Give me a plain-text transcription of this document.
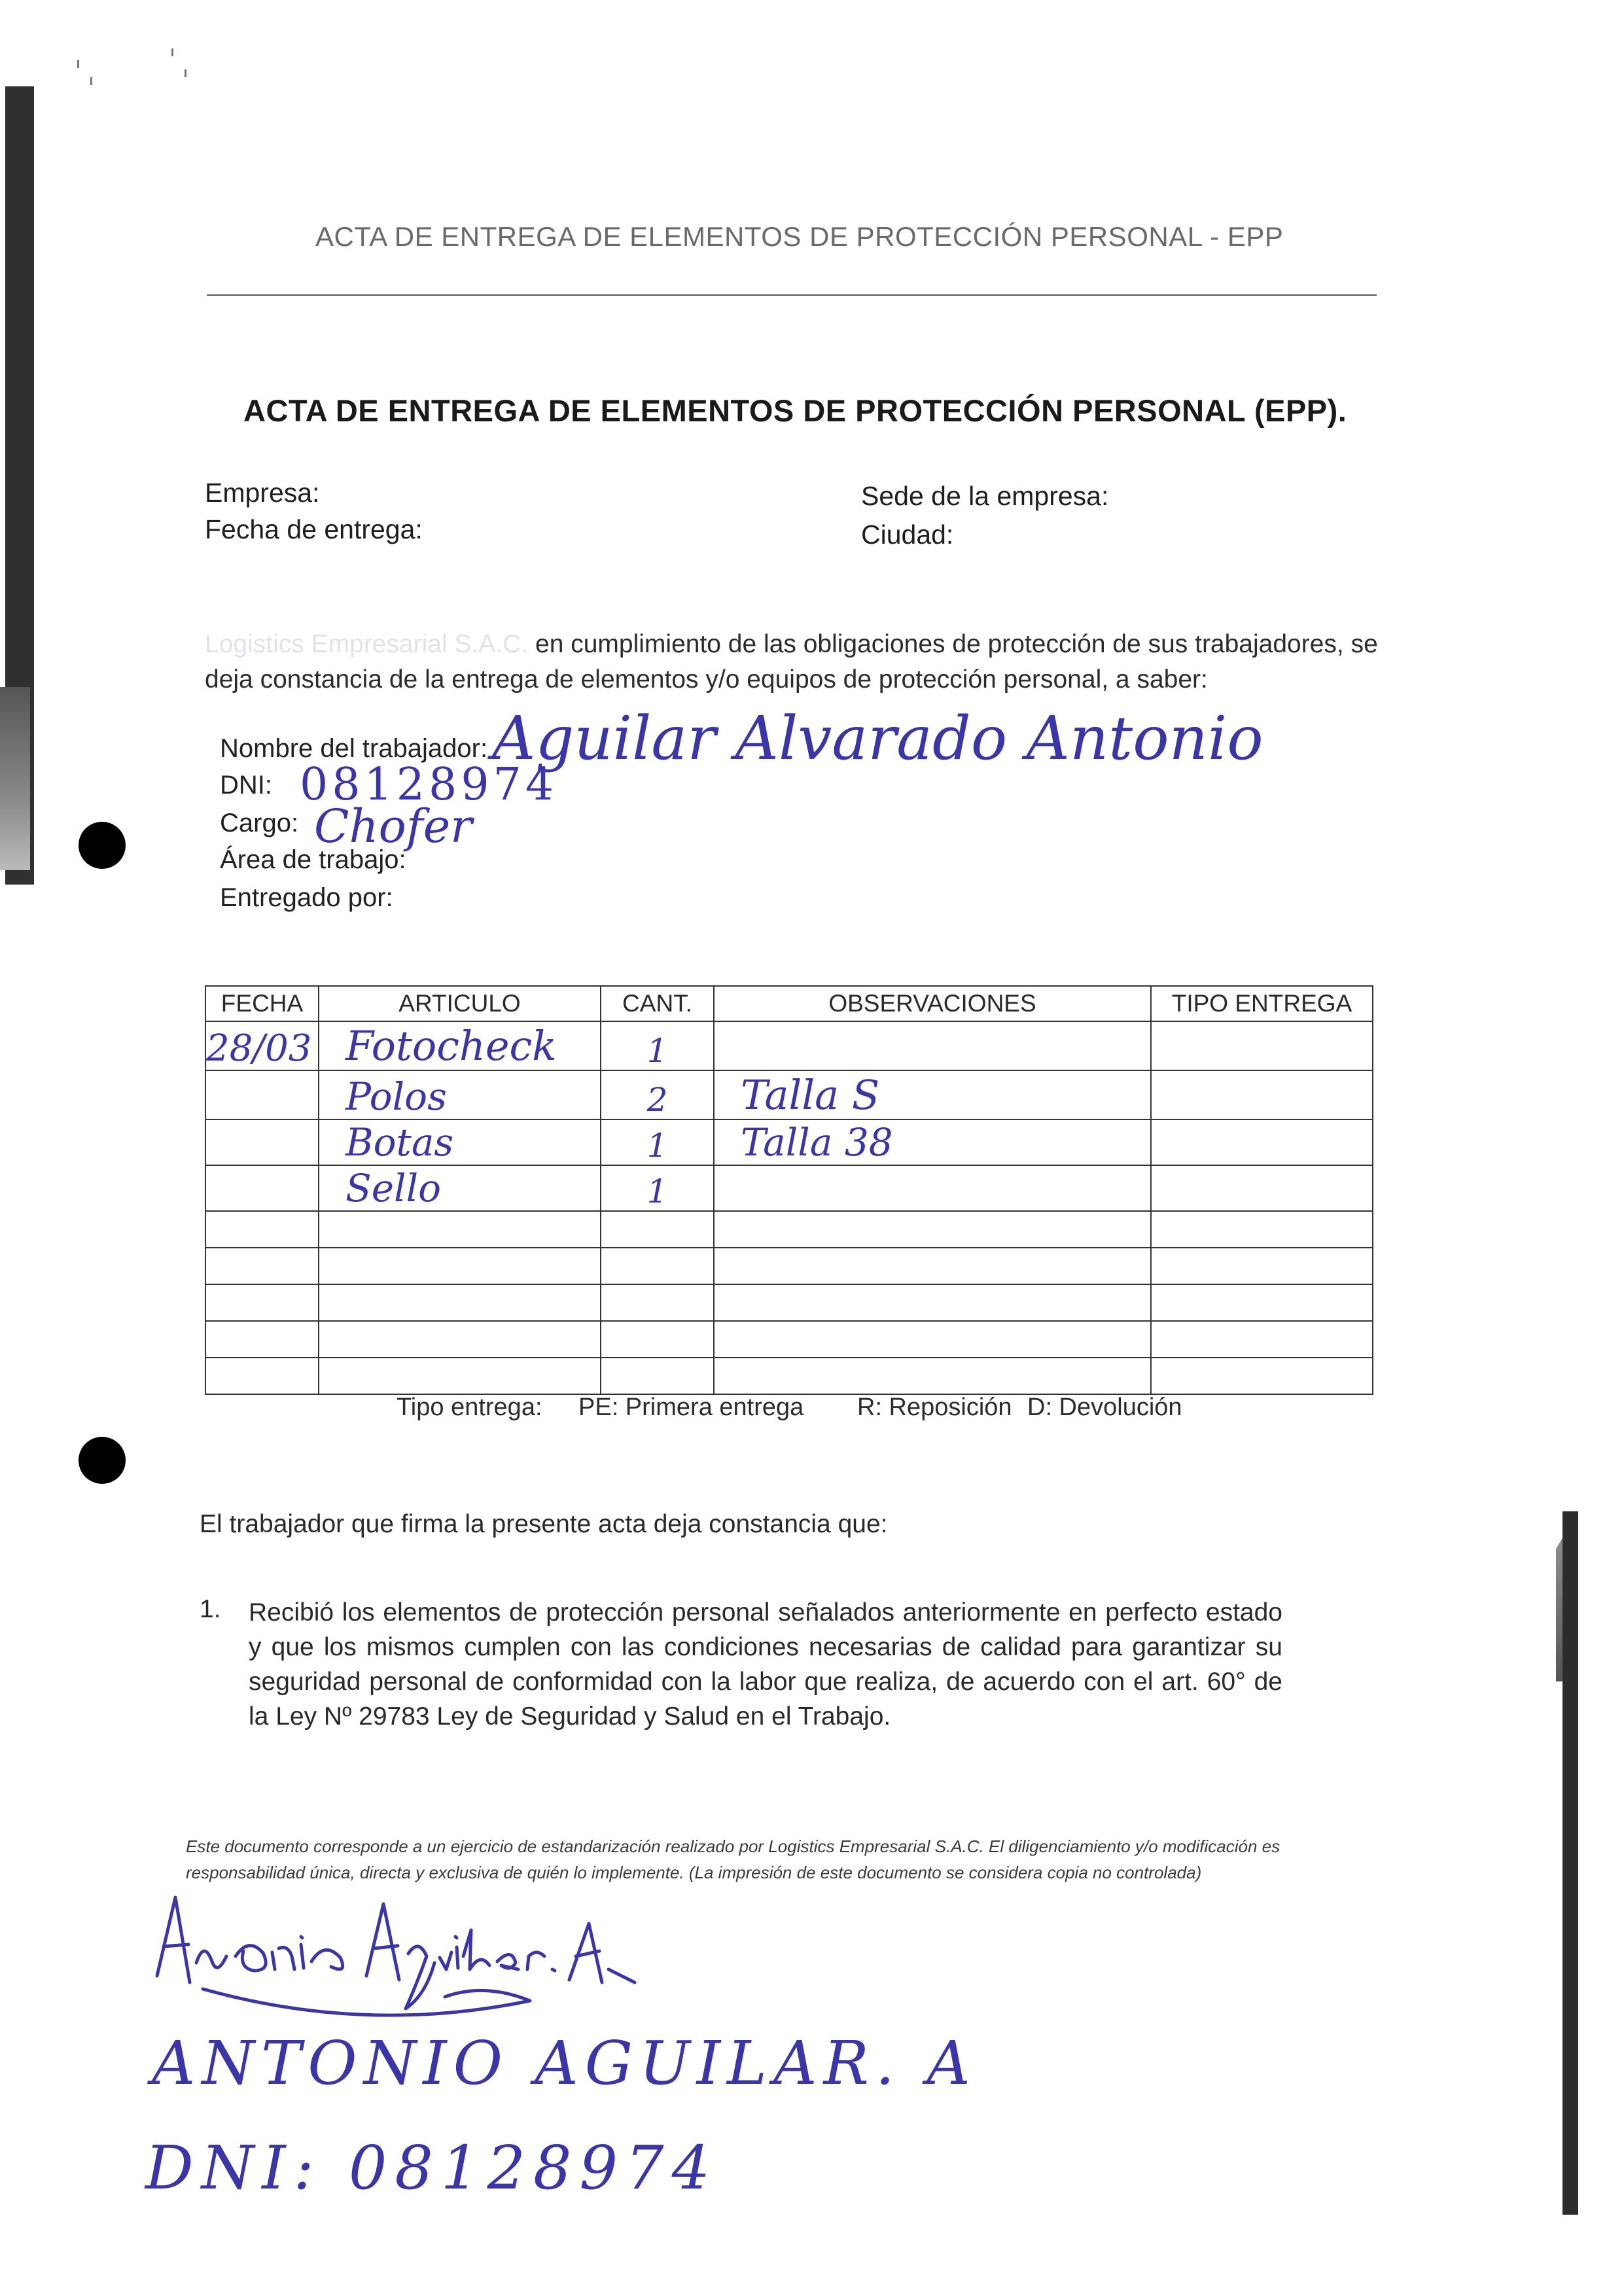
ACTA DE ENTREGA DE ELEMENTOS DE PROTECCIÓN PERSONAL - EPP
ACTA DE ENTREGA DE ELEMENTOS DE PROTECCIÓN PERSONAL (EPP).
Empresa:
Fecha de entrega:
Sede de la empresa:
Ciudad:
Logistics Empresarial S.A.C. en cumplimiento de las obligaciones de protección de sus trabajadores, se deja constancia de la entrega de elementos y/o equipos de protección personal, a saber:
Nombre del trabajador: Aguilar Alvarado Antonio
DNI: 08128974
Cargo: Chofer
Área de trabajo:
Entregado por:
FECHA	ARTICULO	CANT.	OBSERVACIONES	TIPO ENTREGA
28/03	Fotocheck	1		
	Polos	2	Talla S	
	Botas	1	Talla 38	
	Sello	1		

Tipo entrega: PE: Primera entrega R: Reposición D: Devolución
El trabajador que firma la presente acta deja constancia que:
1. Recibió los elementos de protección personal señalados anteriormente en perfecto estado y que los mismos cumplen con las condiciones necesarias de calidad para garantizar su seguridad personal de conformidad con la labor que realiza, de acuerdo con el art. 60° de la Ley Nº 29783 Ley de Seguridad y Salud en el Trabajo.
Este documento corresponde a un ejercicio de estandarización realizado por Logistics Empresarial S.A.C. El diligenciamiento y/o modificación es responsabilidad única, directa y exclusiva de quién lo implemente. (La impresión de este documento se considera copia no controlada)
ANTONIO AGUILAR. A
DNI: 08128974
